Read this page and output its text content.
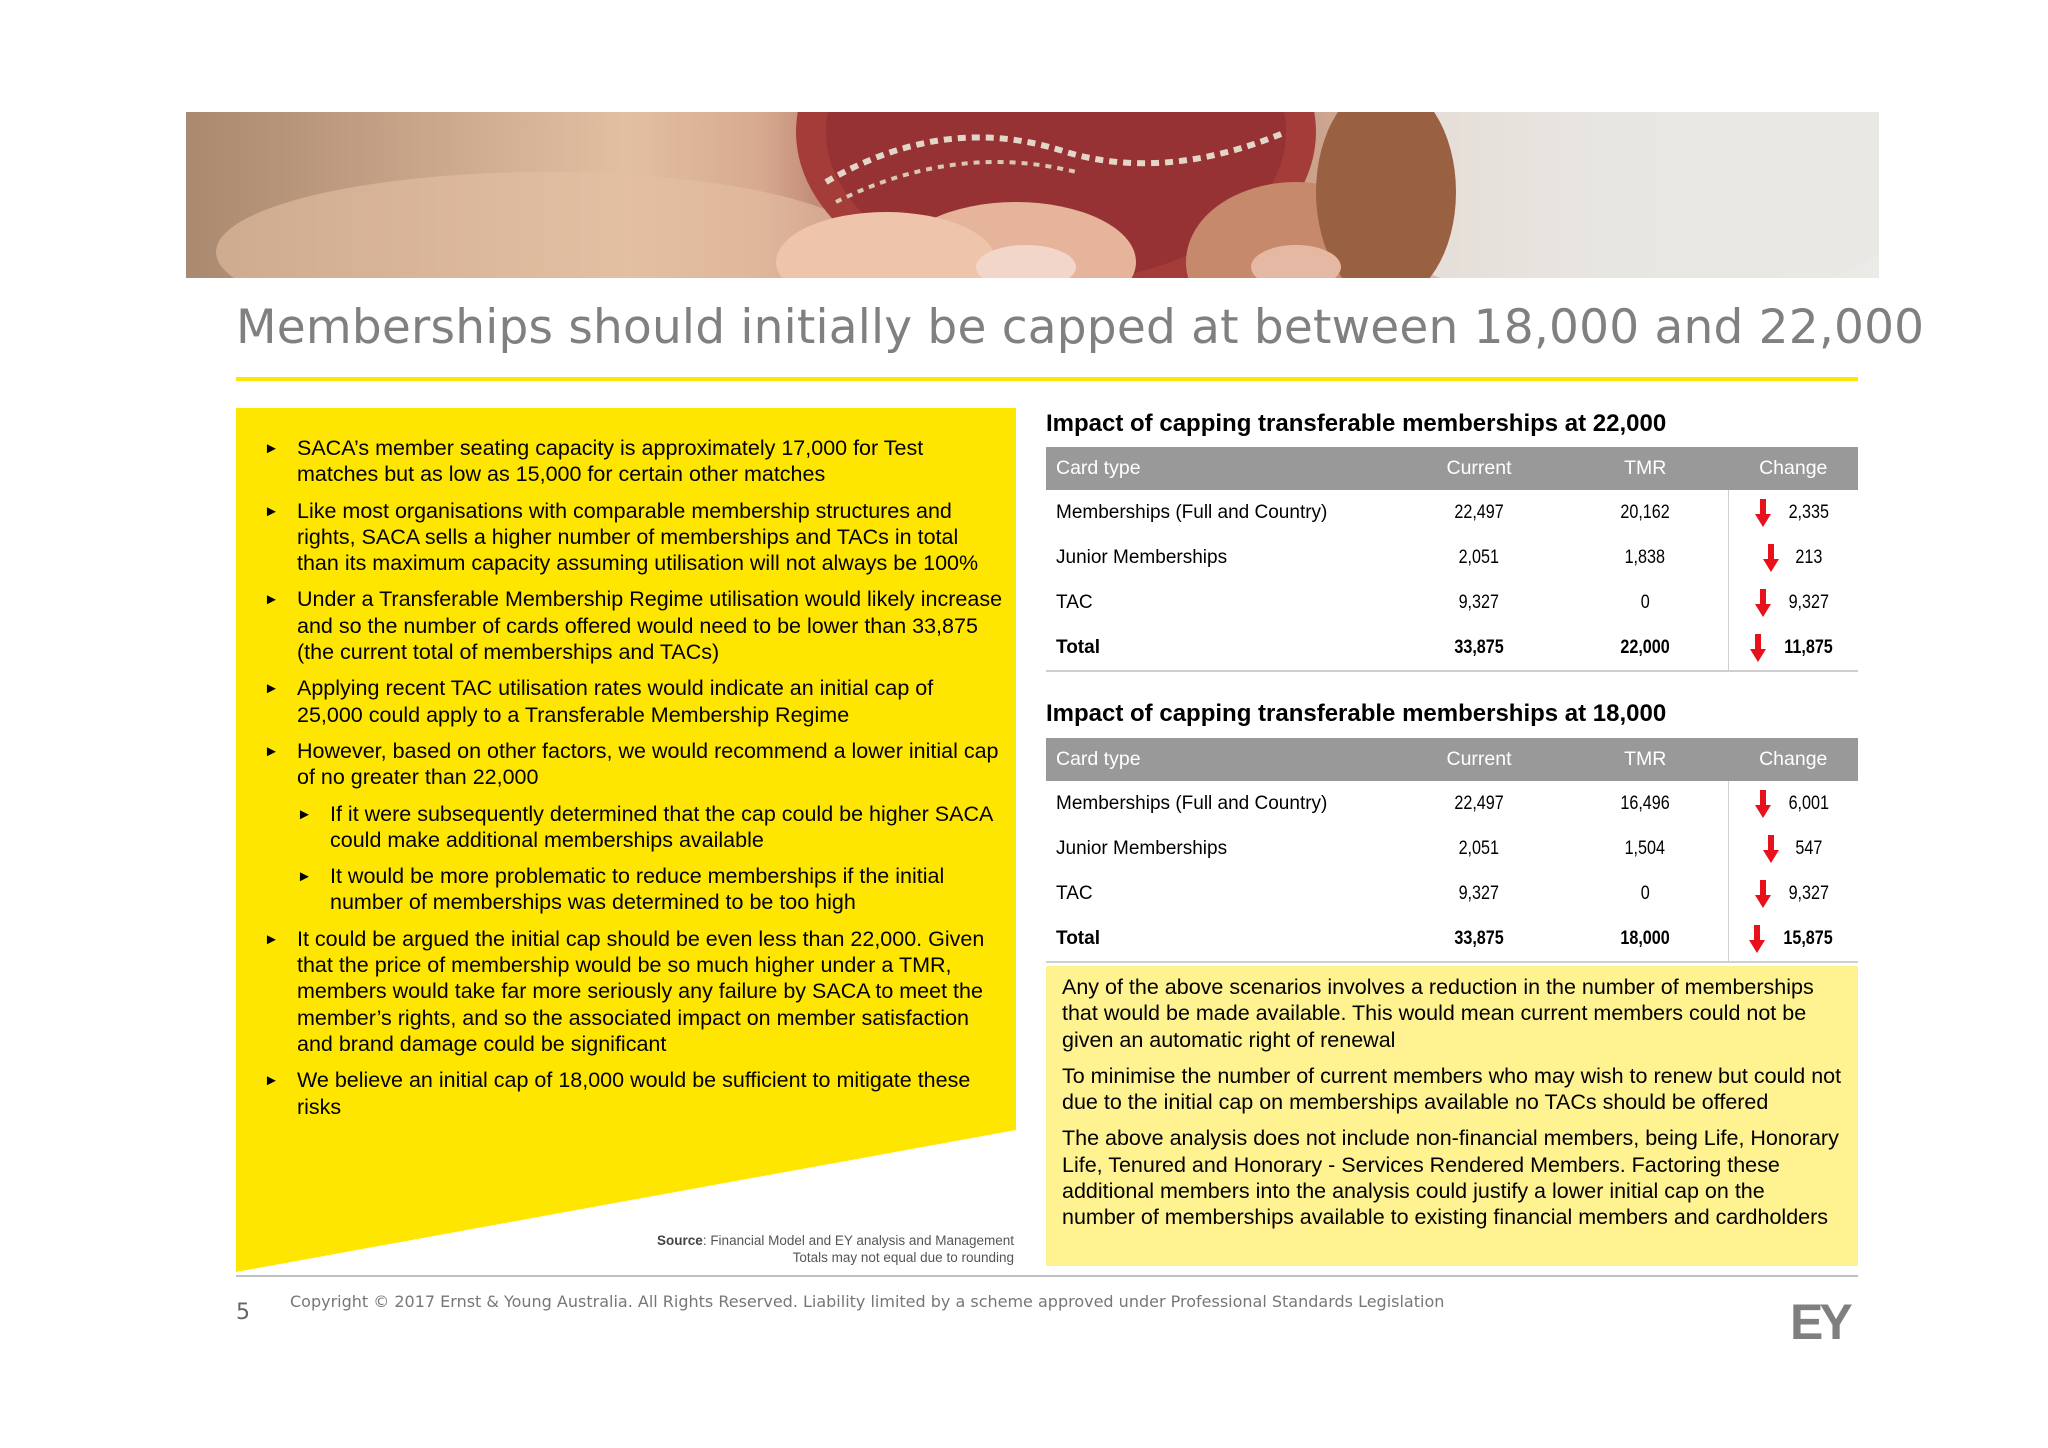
Memberships should initially be capped at between 18,000 and 22,000
► SACA’s member seating capacity is approximately 17,000 for Test matches but as low as 15,000 for certain other matches
► Like most organisations with comparable membership structures and rights, SACA sells a higher number of memberships and TACs in total than its maximum capacity assuming utilisation will not always be 100%
► Under a Transferable Membership Regime utilisation would likely increase and so the number of cards offered would need to be lower than 33,875 (the current total of memberships and TACs)
► Applying recent TAC utilisation rates would indicate an initial cap of 25,000 could apply to a Transferable Membership Regime
► However, based on other factors, we would recommend a lower initial cap of no greater than 22,000
► If it were subsequently determined that the cap could be higher SACA could make additional memberships available
► It would be more problematic to reduce memberships if the initial number of memberships was determined to be too high
► It could be argued the initial cap should be even less than 22,000. Given that the price of membership would be so much higher under a TMR, members would take far more seriously any failure by SACA to meet the member’s rights, and so the associated impact on member satisfaction and brand damage could be significant
► We believe an initial cap of 18,000 would be sufficient to mitigate these risks
Source: Financial Model and EY analysis and Management
Totals may not equal due to rounding
Impact of capping transferable memberships at 22,000
Card type	Current	TMR	Change
Memberships (Full and Country)	22,497	20,162	2,335
Junior Memberships	2,051	1,838	213
TAC	9,327	0	9,327
Total	33,875	22,000	11,875
Impact of capping transferable memberships at 18,000
Card type	Current	TMR	Change
Memberships (Full and Country)	22,497	16,496	6,001
Junior Memberships	2,051	1,504	547
TAC	9,327	0	9,327
Total	33,875	18,000	15,875

Any of the above scenarios involves a reduction in the number of memberships that would be made available. This would mean current members could not be given an automatic right of renewal

To minimise the number of current members who may wish to renew but could not due to the initial cap on memberships available no TACs should be offered

The above analysis does not include non-financial members, being Life, Honorary Life, Tenured and Honorary - Services Rendered Members. Factoring these additional members into the analysis could justify a lower initial cap on the number of memberships available to existing financial members and cardholders

5	Copyright © 2017 Ernst & Young Australia. All Rights Reserved. Liability limited by a scheme approved under Professional Standards Legislation	EY
